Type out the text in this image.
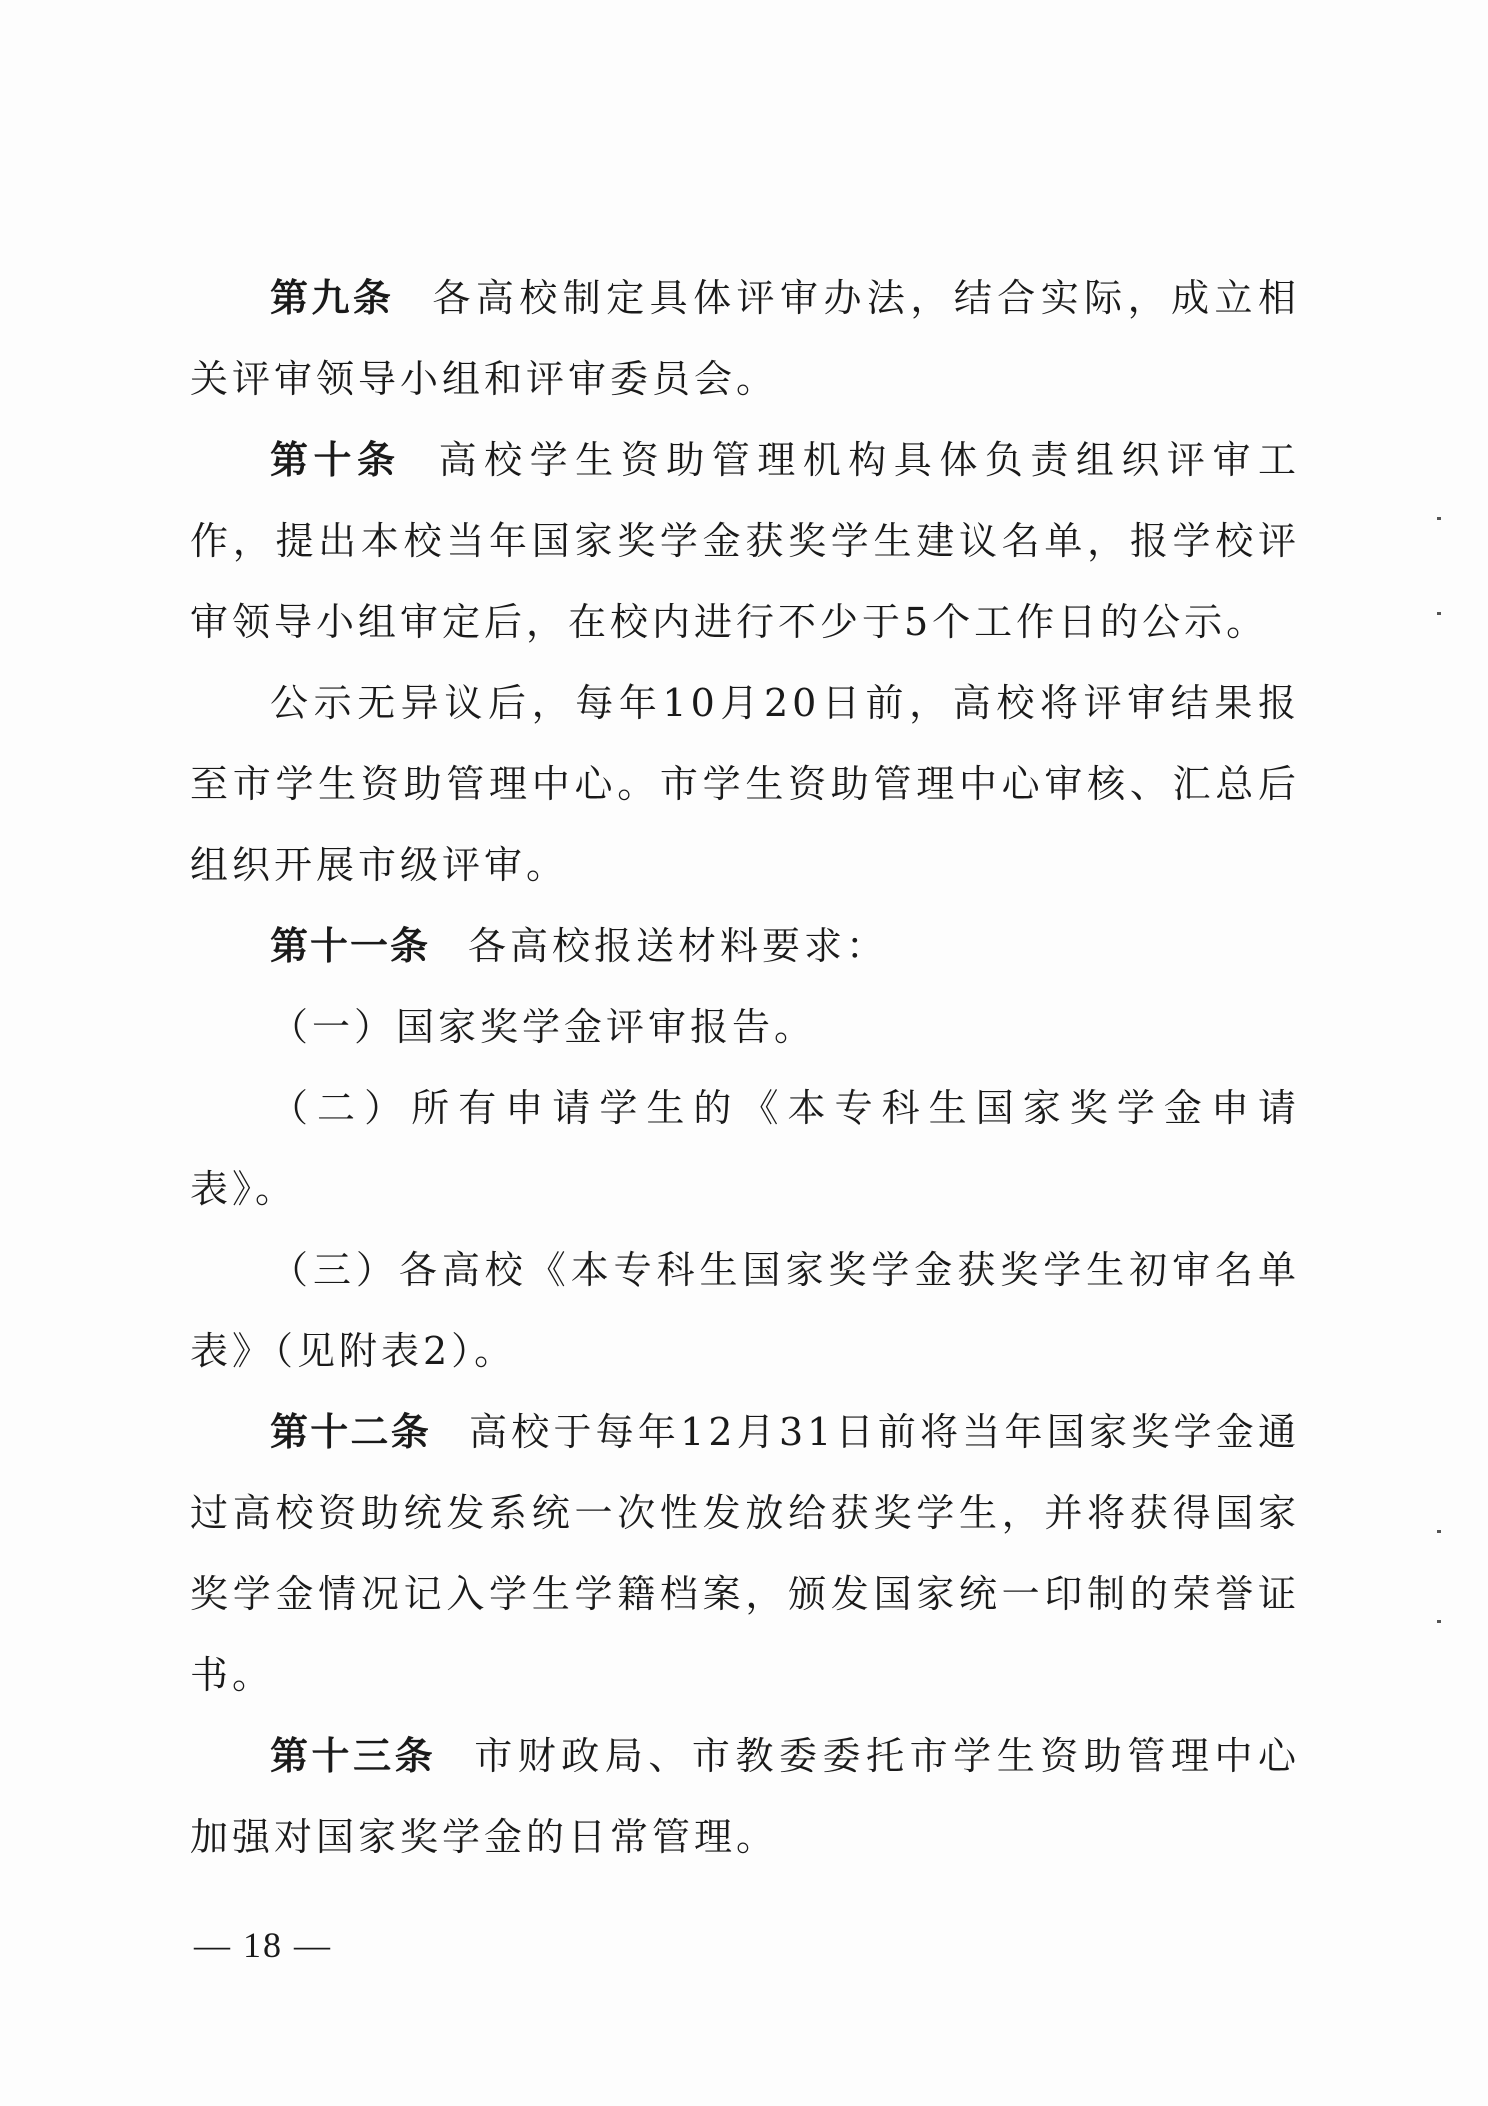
第九条 各高校制定具体评审办法，结合实际，成立相关评审领导小组和评审委员会。

第十条 高校学生资助管理机构具体负责组织评审工作，提出本校当年国家奖学金获奖学生建议名单，报学校评审领导小组审定后，在校内进行不少于5个工作日的公示。

公示无异议后，每年10月20日前，高校将评审结果报至市学生资助管理中心。市学生资助管理中心审核、汇总后组织开展市级评审。

第十一条 各高校报送材料要求：

（一）国家奖学金评审报告。

（二）所有申请学生的《本专科生国家奖学金申请表》。

（三）各高校《本专科生国家奖学金获奖学生初审名单表》（见附表2）。

第十二条 高校于每年12月31日前将当年国家奖学金通过高校资助统发系统一次性发放给获奖学生，并将获得国家奖学金情况记入学生学籍档案，颁发国家统一印制的荣誉证书。

第十三条 市财政局、市教委委托市学生资助管理中心加强对国家奖学金的日常管理。

— 18 —
